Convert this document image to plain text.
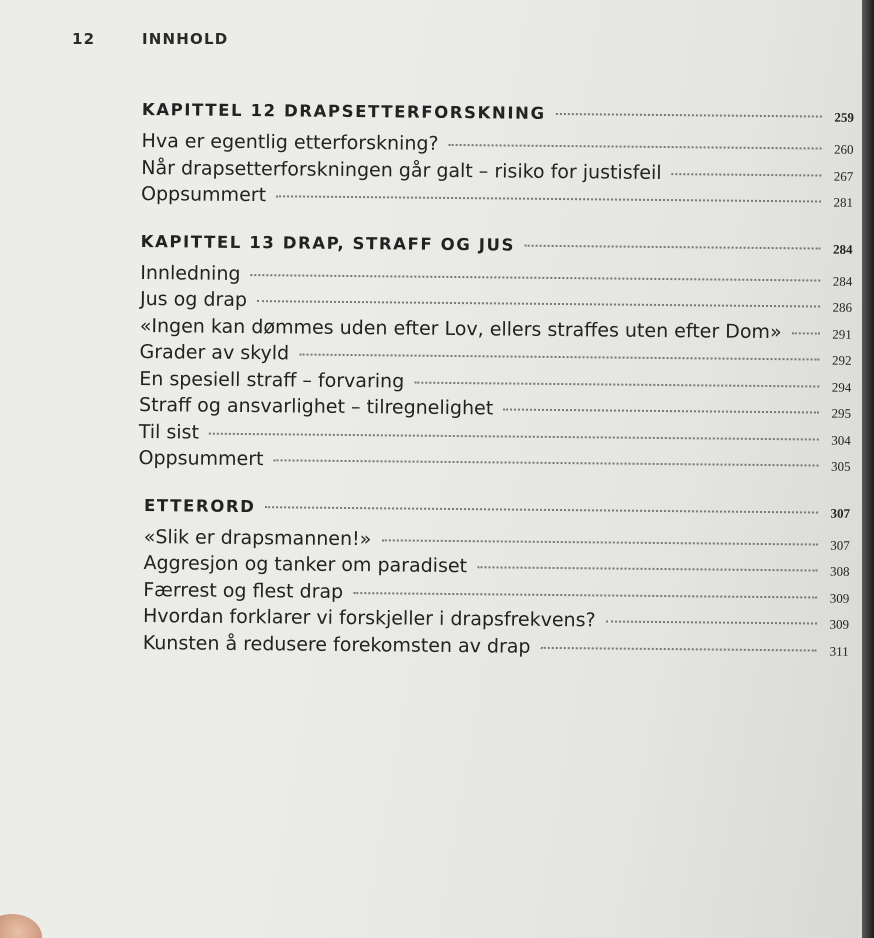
12	INNHOLD
KAPITTEL 12 DRAPSETTERFORSKNING	259
Hva er egentlig etterforskning?	260
Når drapsetterforskningen går galt – risiko for justisfeil	267
Oppsummert	281
KAPITTEL 13 DRAP, STRAFF OG JUS	284
Innledning	284
Jus og drap	286
«Ingen kan dømmes uden efter Lov, ellers straffes uten efter Dom»	291
Grader av skyld	292
En spesiell straff – forvaring	294
Straff og ansvarlighet – tilregnelighet	295
Til sist	304
Oppsummert	305
ETTERORD	307
«Slik er drapsmannen!»	307
Aggresjon og tanker om paradiset	308
Færrest og flest drap	309
Hvordan forklarer vi forskjeller i drapsfrekvens?	309
Kunsten å redusere forekomsten av drap	311
